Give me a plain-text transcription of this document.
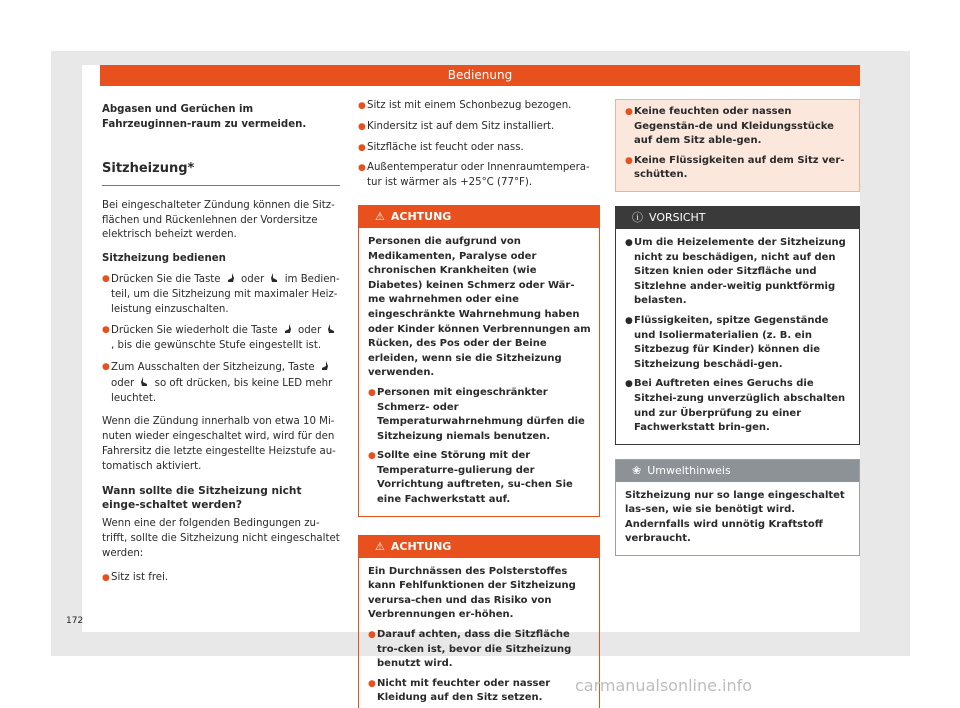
Bedienung
Abgasen und Gerüchen im Fahrzeuginnen-raum zu vermeiden.
Sitzheizung*

Bei eingeschalteter Zündung können die Sitz-flächen und Rückenlehnen der Vordersitze elektrisch beheizt werden.

Sitzheizung bedienen

● Drücken Sie die Taste oder im Bedien-teil, um die Sitzheizung mit maximaler Heiz-leistung einzuschalten.
● Drücken Sie wiederholt die Taste oder , bis die gewünschte Stufe eingestellt ist.
● Zum Ausschalten der Sitzheizung, Taste  oder so oft drücken, bis keine LED mehr leuchtet.

Wenn die Zündung innerhalb von etwa 10 Mi-nuten wieder eingeschaltet wird, wird für den Fahrersitz die letzte eingestellte Heizstufe au-tomatisch aktiviert.

Wann sollte die Sitzheizung nicht einge-schaltet werden?

Wenn eine der folgenden Bedingungen zu-trifft, sollte die Sitzheizung nicht eingeschaltet werden:

● Sitz ist frei.
● Sitz ist mit einem Schonbezug bezogen.
● Kindersitz ist auf dem Sitz installiert.
● Sitzfläche ist feucht oder nass.
● Außentemperatur oder Innenraumtempera-tur ist wärmer als +25°C (77°F).
⚠ ACHTUNG

Personen die aufgrund von Medikamenten, Paralyse oder chronischen Krankheiten (wie Diabetes) keinen Schmerz oder Wär-me wahrnehmen oder eine eingeschränkte Wahrnehmung haben oder Kinder können Verbrennungen am Rücken, des Pos oder der Beine erleiden, wenn sie die Sitzheizung verwenden.

● Personen mit eingeschränkter Schmerz- oder Temperaturwahrnehmung dürfen die Sitzheizung niemals benutzen.
● Sollte eine Störung mit der Temperaturre-gulierung der Vorrichtung auftreten, su-chen Sie eine Fachwerkstatt auf.
⚠ ACHTUNG

Ein Durchnässen des Polsterstoffes kann Fehlfunktionen der Sitzheizung verursa-chen und das Risiko von Verbrennungen er-höhen.

● Darauf achten, dass die Sitzfläche tro-cken ist, bevor die Sitzheizung benutzt wird.
● Nicht mit feuchter oder nasser Kleidung auf den Sitz setzen.
● Keine feuchten oder nassen Gegenstän-de und Kleidungsstücke auf dem Sitz able-gen.
● Keine Flüssigkeiten auf dem Sitz ver-schütten.
ⓘ VORSICHT
● Um die Heizelemente der Sitzheizung nicht zu beschädigen, nicht auf den Sitzen knien oder Sitzfläche und Sitzlehne ander-weitig punktförmig belasten.
● Flüssigkeiten, spitze Gegenstände und Isoliermaterialien (z. B. ein Sitzbezug für Kinder) können die Sitzheizung beschädi-gen.
● Bei Auftreten eines Geruchs die Sitzhei-zung unverzüglich abschalten und zur Überprüfung zu einer Fachwerkstatt brin-gen.
❀ Umwelthinweis

Sitzheizung nur so lange eingeschaltet las-sen, wie sie benötigt wird. Andernfalls wird unnötig Kraftstoff verbraucht.

172
carmanualsonline.info
